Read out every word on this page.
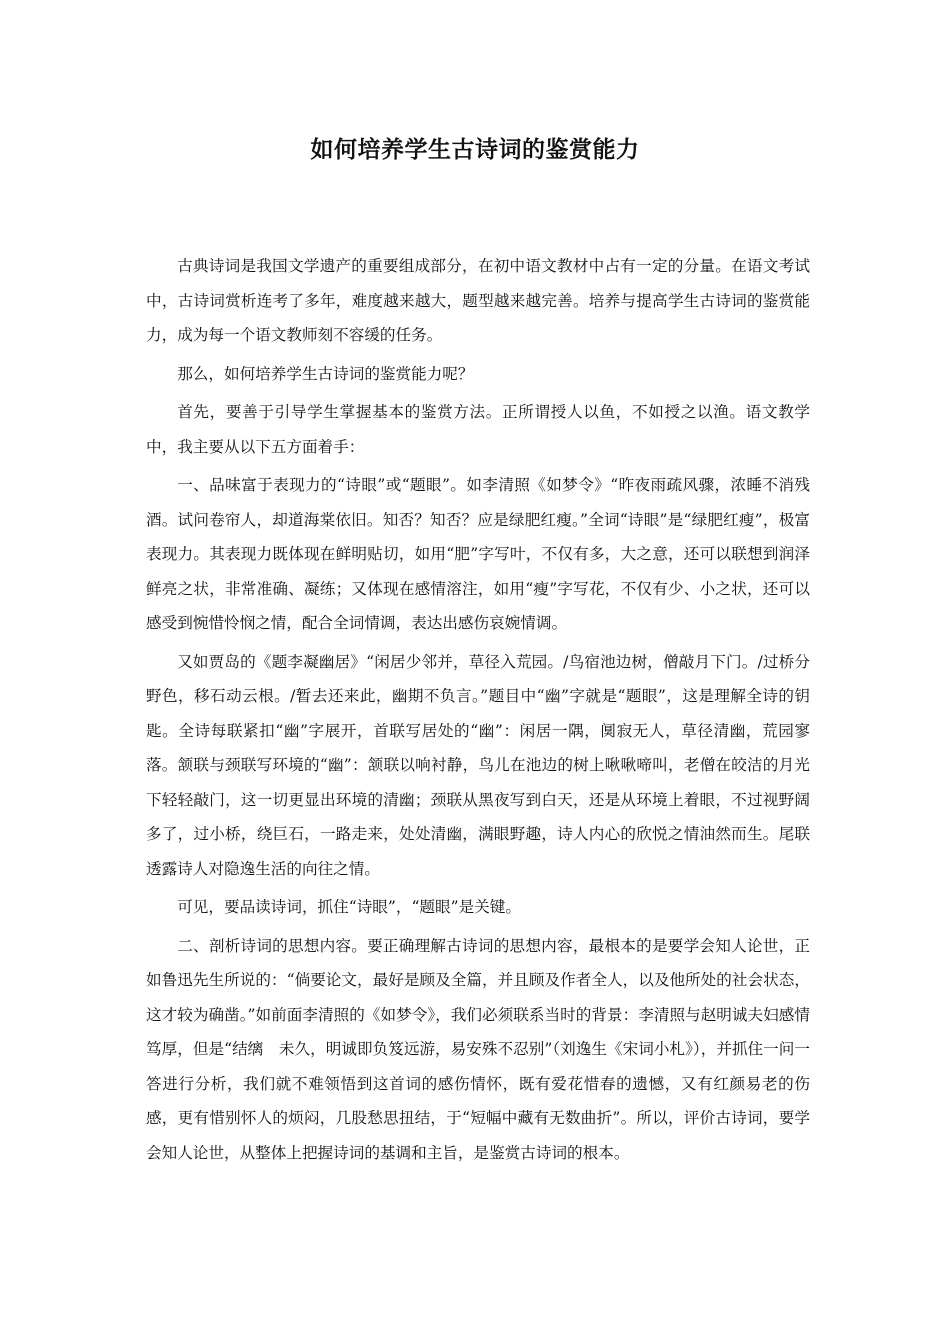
如何培养学生古诗词的鉴赏能力

古典诗词是我国文学遗产的重要组成部分，在初中语文教材中占有一定的分量。在语文考试中，古诗词赏析连考了多年，难度越来越大，题型越来越完善。培养与提高学生古诗词的鉴赏能力，成为每一个语文教师刻不容缓的任务。

那么，如何培养学生古诗词的鉴赏能力呢？

首先，要善于引导学生掌握基本的鉴赏方法。正所谓授人以鱼，不如授之以渔。语文教学中，我主要从以下五方面着手：

一、品味富于表现力的“诗眼”或“题眼”。如李清照《如梦令》“昨夜雨疏风骤，浓睡不消残酒。试问卷帘人，却道海棠依旧。知否？知否？应是绿肥红瘦。”全词“诗眼”是“绿肥红瘦”，极富表现力。其表现力既体现在鲜明贴切，如用“肥”字写叶，不仅有多，大之意，还可以联想到润泽鲜亮之状，非常准确、凝练；又体现在感情溶注，如用“瘦”字写花，不仅有少、小之状，还可以感受到惋惜怜悯之情，配合全词情调，表达出感伤哀婉情调。

又如贾岛的《题李凝幽居》“闲居少邻并，草径入荒园。/鸟宿池边树，僧敲月下门。/过桥分野色，移石动云根。/暂去还来此，幽期不负言。”题目中“幽”字就是“题眼”，这是理解全诗的钥匙。全诗每联紧扣“幽”字展开，首联写居处的“幽”：闲居一隅，阒寂无人，草径清幽，荒园寥落。颔联与颈联写环境的“幽”：颔联以响衬静，鸟儿在池边的树上啾啾啼叫，老僧在皎洁的月光下轻轻敲门，这一切更显出环境的清幽；颈联从黑夜写到白天，还是从环境上着眼，不过视野阔多了，过小桥，绕巨石，一路走来，处处清幽，满眼野趣，诗人内心的欣悦之情油然而生。尾联透露诗人对隐逸生活的向往之情。

可见，要品读诗词，抓住“诗眼”，“题眼”是关键。

二、剖析诗词的思想内容。要正确理解古诗词的思想内容，最根本的是要学会知人论世，正如鲁迅先生所说的：“倘要论文，最好是顾及全篇，并且顾及作者全人，以及他所处的社会状态，这才较为确凿。”如前面李清照的《如梦令》，我们必须联系当时的背景：李清照与赵明诚夫妇感情笃厚，但是“结缡　未久，明诚即负笈远游，易安殊不忍别”（刘逸生《宋词小札》），并抓住一问一答进行分析，我们就不难领悟到这首词的感伤情怀，既有爱花惜春的遗憾，又有红颜易老的伤感，更有惜别怀人的烦闷，几股愁思扭结，于“短幅中藏有无数曲折”。所以，评价古诗词，要学会知人论世，从整体上把握诗词的基调和主旨，是鉴赏古诗词的根本。
